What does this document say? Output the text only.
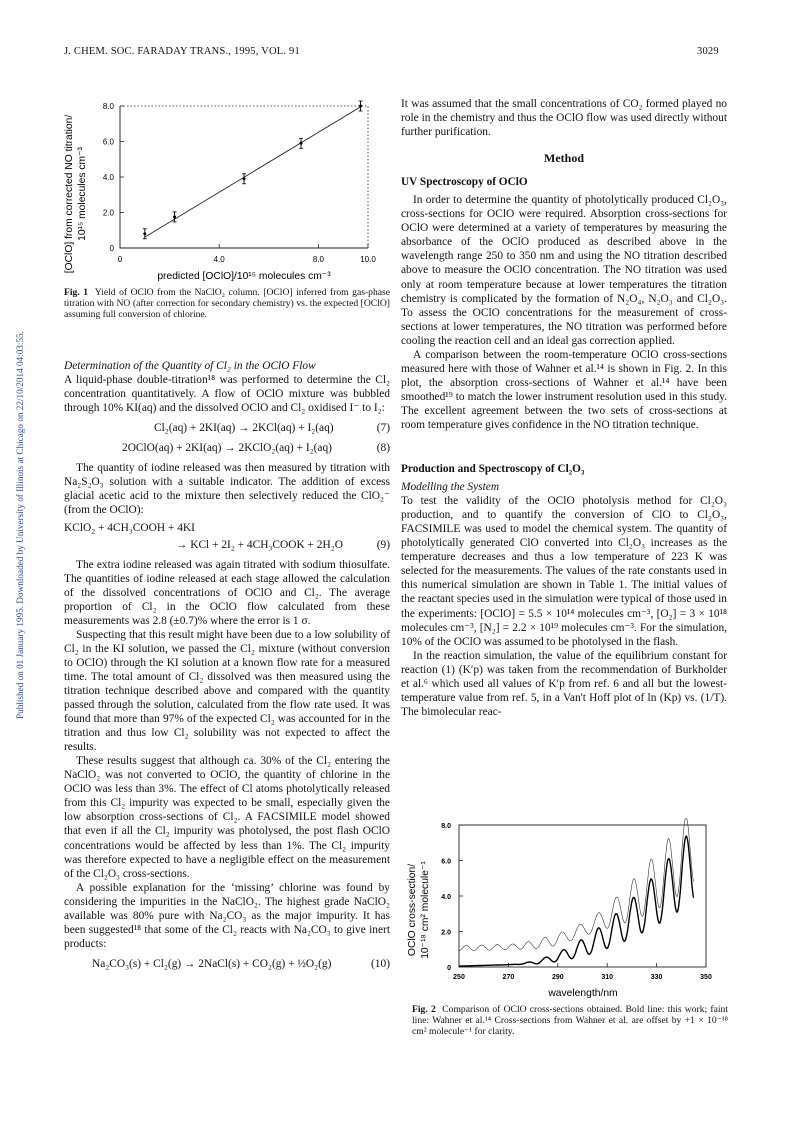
Published on 01 January 1995. Downloaded by University of Illinois at Chicago on 22/10/2014 04:03:55.
J. CHEM. SOC. FARADAY TRANS., 1995, VOL. 91	3029
[OClO] from corrected NO titration/ 10¹⁵ molecules cm⁻³
0
2.0
4.0
6.0
8.0
0	4.0	8.0	10.0
predicted [OClO]/10¹⁵ molecules cm⁻³
Fig. 1 Yield of OClO from the NaClO₂ column. [OClO] inferred from gas-phase titration with NO (after correction for secondary chemistry) vs. the expected [OClO] assuming full conversion of chlorine.

Determination of the Quantity of Cl₂ in the OClO Flow

A liquid-phase double-titration¹⁸ was performed to determine the Cl₂ concentration quantitatively. A flow of OClO mixture was bubbled through 10% KI(aq) and the dissolved OClO and Cl₂ oxidised I⁻ to I₂:

Cl₂(aq) + 2KI(aq) → 2KCl(aq) + I₂(aq)	(7)
2OClO(aq) + 2KI(aq) → 2KClO₂(aq) + I₂(aq)	(8)

The quantity of iodine released was then measured by titration with Na₂S₂O₃ solution with a suitable indicator. The addition of excess glacial acetic acid to the mixture then selectively reduced the ClO₂⁻ (from the OClO):

KClO₂ + 4CH₃COOH + 4KI
→ KCl + 2I₂ + 4CH₃COOK + 2H₂O	(9)

The extra iodine released was again titrated with sodium thiosulfate. The quantities of iodine released at each stage allowed the calculation of the dissolved concentrations of OClO and Cl₂. The average proportion of Cl₂ in the OClO flow calculated from these measurements was 2.8 (±0.7)% where the error is 1 σ.

Suspecting that this result might have been due to a low solubility of Cl₂ in the KI solution, we passed the Cl₂ mixture (without conversion to OClO) through the KI solution at a known flow rate for a measured time. The total amount of Cl₂ dissolved was then measured using the titration technique described above and compared with the quantity passed through the solution, calculated from the flow rate used. It was found that more than 97% of the expected Cl₂ was accounted for in the titration and thus low Cl₂ solubility was not expected to affect the results.

These results suggest that although ca. 30% of the Cl₂ entering the NaClO₂ was not converted to OClO, the quantity of chlorine in the OClO was less than 3%. The effect of Cl atoms photolytically released from this Cl₂ impurity was expected to be small, especially given the low absorption cross-sections of Cl₂. A FACSIMILE model showed that even if all the Cl₂ impurity was photolysed, the post flash OClO concentrations would be affected by less than 1%. The Cl₂ impurity was therefore expected to have a negligible effect on the measurement of the Cl₂O₃ cross-sections.

A possible explanation for the ‘missing’ chlorine was found by considering the impurities in the NaClO₂. The highest grade NaClO₂ available was 80% pure with Na₂CO₃ as the major impurity. It has been suggested¹⁸ that some of the Cl₂ reacts with Na₂CO₃ to give inert products:

Na₂CO₃(s) + Cl₂(g) → 2NaCl(s) + CO₂(g) + ½O₂(g)	(10)

It was assumed that the small concentrations of CO₂ formed played no role in the chemistry and thus the OClO flow was used directly without further purification.

Method
UV Spectroscopy of OClO

In order to determine the quantity of photolytically produced Cl₂O₃, cross-sections for OClO were required. Absorption cross-sections for OClO were determined at a variety of temperatures by measuring the absorbance of the OClO produced as described above in the wavelength range 250 to 350 nm and using the NO titration described above to measure the OClO concentration. The NO titration was used only at room temperature because at lower temperatures the titration chemistry is complicated by the formation of N₂O₄, N₂O₃ and Cl₂O₃. To assess the OClO concentrations for the measurement of cross-sections at lower temperatures, the NO titration was performed before cooling the reaction cell and an ideal gas correction applied.

A comparison between the room-temperature OClO cross-sections measured here with those of Wahner et al.¹⁴ is shown in Fig. 2. In this plot, the absorption cross-sections of Wahner et al.¹⁴ have been smoothed¹⁹ to match the lower instrument resolution used in this study. The excellent agreement between the two sets of cross-sections at room temperature gives confidence in the NO titration technique.

Production and Spectroscopy of Cl₂O₃

Modelling the System

To test the validity of the OClO photolysis method for Cl₂O₃ production, and to quantify the conversion of ClO to Cl₂O₃, FACSIMILE was used to model the chemical system. The quantity of photolytically generated ClO converted into Cl₂O₃ increases as the temperature decreases and thus a low temperature of 223 K was selected for the measurements. The values of the rate constants used in this numerical simulation are shown in Table 1. The initial values of the reactant species used in the simulation were typical of those used in the experiments: [OClO] = 5.5 × 10¹⁴ molecules cm⁻³, [O₂] = 3 × 10¹⁸ molecules cm⁻³, [N₂] = 2.2 × 10¹⁹ molecules cm⁻³. For the simulation, 10% of the OClO was assumed to be photolysed in the flash.

In the reaction simulation, the value of the equilibrium constant for reaction (1) (K′p) was taken from the recommendation of Burkholder et al.⁶ which used all values of K′p from ref. 6 and all but the lowest-temperature value from ref. 5, in a Van't Hoff plot of ln (Kp) vs. (1/T). The bimolecular reac-

OClO cross-section/ 10⁻¹⁸ cm² molecule⁻¹
0
2.0
4.0
6.0
8.0
250	270	290	310	330	350
wavelength/nm
Fig. 2 Comparison of OClO cross-sections obtained. Bold line: this work; faint line: Wahner et al.¹⁴ Cross-sections from Wahner et al. are offset by +1 × 10⁻¹⁸ cm² molecule⁻¹ for clarity.
